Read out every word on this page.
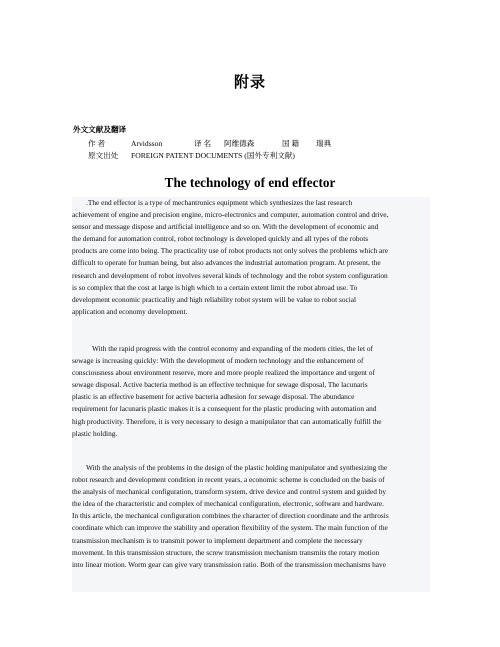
附录
外文文献及翻译
作 者	Arvidsson	译 名 阿维德森	国 籍 瑞典
原文出处 FOREIGN PATENT DOCUMENTS (国外专利文献)
The technology of end effector

.The end effector is a type of mechantronics equipment which synthesizes the last research
achievement of engine and precision engine, micro-electronics and computer, automation control and drive,
sensor and message dispose and artificial intelligence and so on. With the development of economic and
the demand for automation control, robot technology is developed quickly and all types of the robots
products are come into being. The practicality use of robot products not only solves the problems which are
difficult to operate for human being, but also advances the industrial automation program. At present, the
research and development of robot involves several kinds of technology and the robot system configuration
is so complex that the cost at large is high which to a certain extent limit the robot abroad use. To
development economic practicality and high reliability robot system will be value to robot social
application and economy development.

With the rapid progress with the control economy and expanding of the modern cities, the let of
sewage is increasing quickly: With the development of modern technology and the enhancement of
consciousness about environment reserve, more and more people realized the importance and urgent of
sewage disposal. Active bacteria method is an effective technique for sewage disposal, The lacunaris
plastic is an effective basement for active bacteria adhesion for sewage disposal. The abundance
requirement for lacunaris plastic makes it is a consequent for the plastic producing with automation and
high productivity. Therefore, it is very necessary to design a manipulator that can automatically fulfill the
plastic holding.

With the analysis of the problems in the design of the plastic holding manipulator and synthesizing the
robot research and development condition in recent years, a economic scheme is concluded on the basis of
the analysis of mechanical configuration, transform system, drive device and control system and guided by
the idea of the characteristic and complex of mechanical configuration, electronic, software and hardware.
In this article, the mechanical configuration combines the character of direction coordinate and the arthrosis
coordinate which can improve the stability and operation flexibility of the system. The main function of the
transmission mechanism is to transmit power to implement department and complete the necessary
movement. In this transmission structure, the screw transmission mechanism transmits the rotary motion
into linear motion. Worm gear can give vary transmission ratio. Both of the transmission mechanisms have
